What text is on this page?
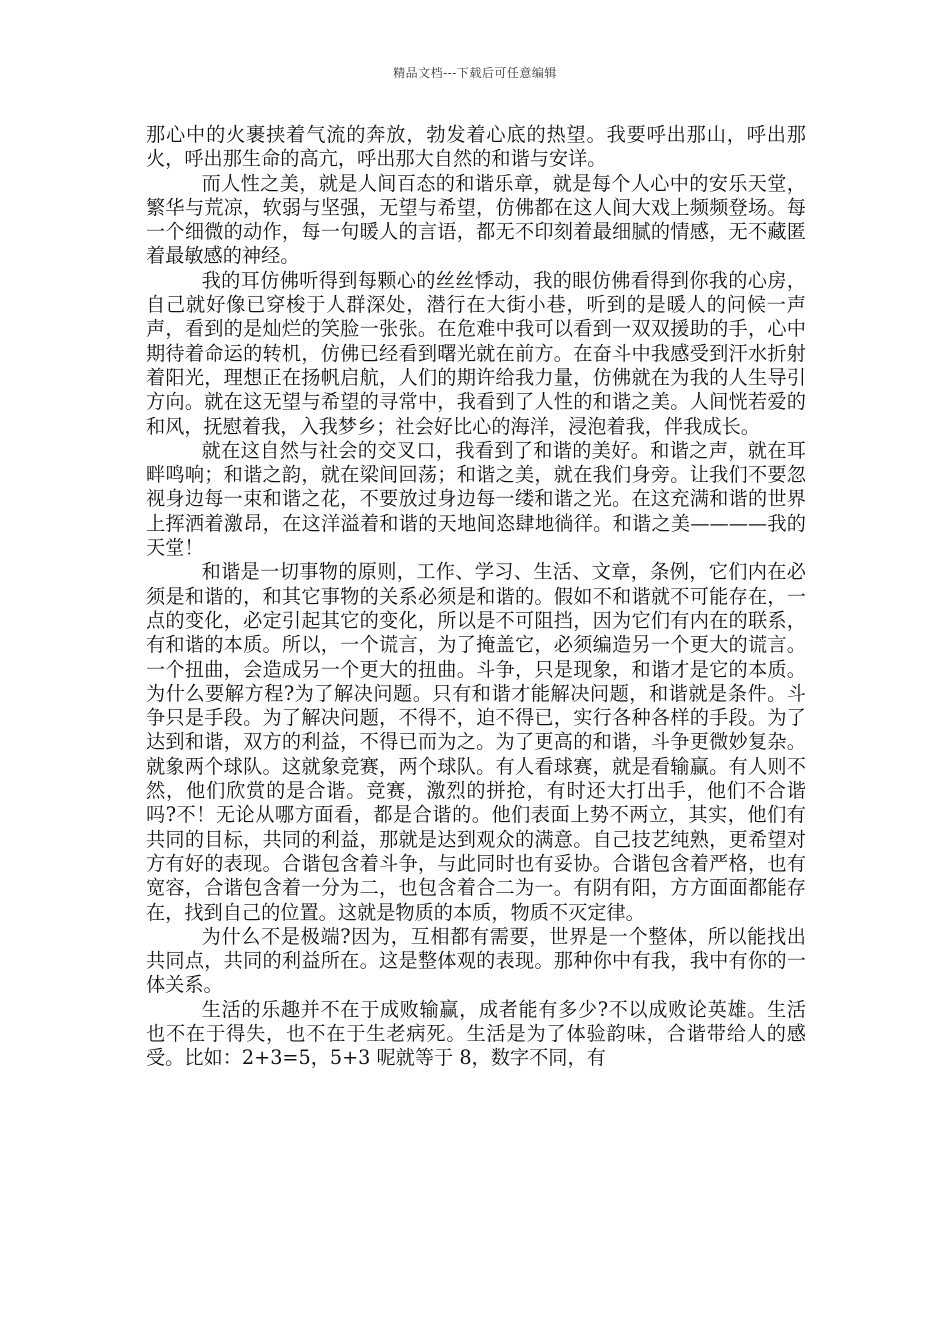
精品文档---下载后可任意编辑

那心中的火裹挟着气流的奔放，勃发着心底的热望。我要呼出那山，呼出那火，呼出那生命的高亢，呼出那大自然的和谐与安详。

而人性之美，就是人间百态的和谐乐章，就是每个人心中的安乐天堂，繁华与荒凉，软弱与坚强，无望与希望，仿佛都在这人间大戏上频频登场。每一个细微的动作，每一句暖人的言语，都无不印刻着最细腻的情感，无不藏匿着最敏感的神经。

我的耳仿佛听得到每颗心的丝丝悸动，我的眼仿佛看得到你我的心房，自己就好像已穿梭于人群深处，潜行在大街小巷，听到的是暖人的问候一声声，看到的是灿烂的笑脸一张张。在危难中我可以看到一双双援助的手，心中期待着命运的转机，仿佛已经看到曙光就在前方。在奋斗中我感受到汗水折射着阳光，理想正在扬帆启航，人们的期许给我力量，仿佛就在为我的人生导引方向。就在这无望与希望的寻常中，我看到了人性的和谐之美。人间恍若爱的和风，抚慰着我，入我梦乡；社会好比心的海洋，浸泡着我，伴我成长。

就在这自然与社会的交叉口，我看到了和谐的美好。和谐之声，就在耳畔鸣响；和谐之韵，就在梁间回荡；和谐之美，就在我们身旁。让我们不要忽视身边每一束和谐之花，不要放过身边每一缕和谐之光。在这充满和谐的世界上挥洒着激昂，在这洋溢着和谐的天地间恣肆地徜徉。和谐之美————我的天堂！

和谐是一切事物的原则，工作、学习、生活、文章，条例，它们内在必须是和谐的，和其它事物的关系必须是和谐的。假如不和谐就不可能存在，一点的变化，必定引起其它的变化，所以是不可阻挡，因为它们有内在的联系，有和谐的本质。所以，一个谎言，为了掩盖它，必须编造另一个更大的谎言。一个扭曲，会造成另一个更大的扭曲。斗争，只是现象，和谐才是它的本质。为什么要解方程?为了解决问题。只有和谐才能解决问题，和谐就是条件。斗争只是手段。为了解决问题，不得不，迫不得已，实行各种各样的手段。为了达到和谐，双方的利益，不得已而为之。为了更高的和谐，斗争更微妙复杂。就象两个球队。这就象竞赛，两个球队。有人看球赛，就是看输赢。有人则不然，他们欣赏的是合谐。竞赛，激烈的拼抢，有时还大打出手，他们不合谐吗?不！无论从哪方面看，都是合谐的。他们表面上势不两立，其实，他们有共同的目标，共同的利益，那就是达到观众的满意。自己技艺纯熟，更希望对方有好的表现。合谐包含着斗争，与此同时也有妥协。合谐包含着严格，也有宽容，合谐包含着一分为二，也包含着合二为一。有阴有阳，方方面面都能存在，找到自己的位置。这就是物质的本质，物质不灭定律。

为什么不是极端?因为，互相都有需要，世界是一个整体，所以能找出共同点，共同的利益所在。这是整体观的表现。那种你中有我，我中有你的一体关系。

生活的乐趣并不在于成败输赢，成者能有多少?不以成败论英雄。生活也不在于得失，也不在于生老病死。生活是为了体验韵味，合谐带给人的感受。比如：2+3=5，5+3 呢就等于 8，数字不同，有
